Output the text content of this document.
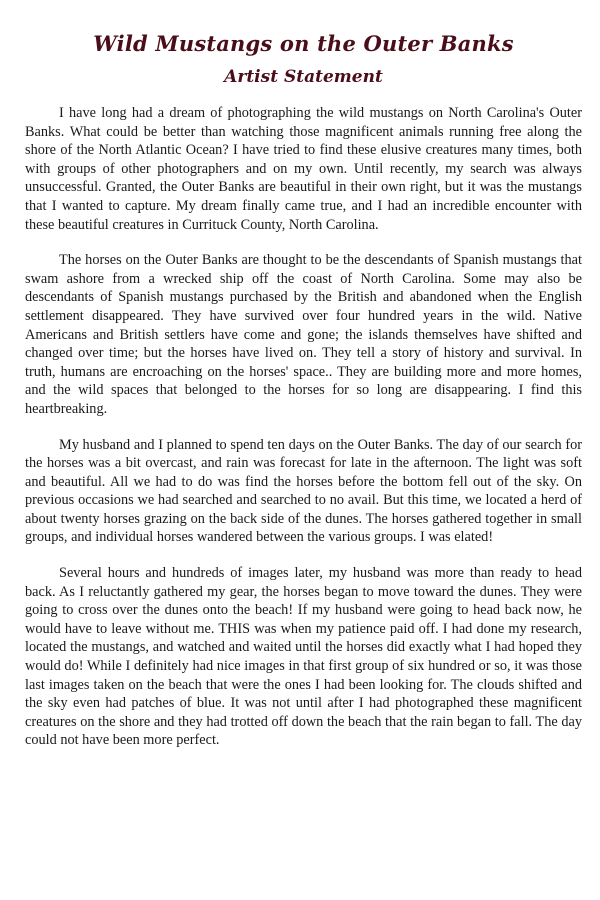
Wild Mustangs on the Outer Banks
Artist Statement

I have long had a dream of photographing the wild mustangs on North Carolina's Outer Banks. What could be better than watching those magnificent animals running free along the shore of the North Atlantic Ocean? I have tried to find these elusive creatures many times, both with groups of other photographers and on my own. Until recently, my search was always unsuccessful. Granted, the Outer Banks are beautiful in their own right, but it was the mustangs that I wanted to capture. My dream finally came true, and I had an incredible encounter with these beautiful creatures in Currituck County, North Carolina.

The horses on the Outer Banks are thought to be the descendants of Spanish mustangs that swam ashore from a wrecked ship off the coast of North Carolina. Some may also be descendants of Spanish mustangs purchased by the British and abandoned when the English settlement disappeared. They have survived over four hundred years in the wild. Native Americans and British settlers have come and gone; the islands themselves have shifted and changed over time; but the horses have lived on. They tell a story of history and survival. In truth, humans are encroaching on the horses' space.. They are building more and more homes, and the wild spaces that belonged to the horses for so long are disappearing. I find this heartbreaking.

My husband and I planned to spend ten days on the Outer Banks. The day of our search for the horses was a bit overcast, and rain was forecast for late in the afternoon. The light was soft and beautiful. All we had to do was find the horses before the bottom fell out of the sky. On previous occasions we had searched and searched to no avail. But this time, we located a herd of about twenty horses grazing on the back side of the dunes. The horses gathered together in small groups, and individual horses wandered between the various groups. I was elated!

Several hours and hundreds of images later, my husband was more than ready to head back. As I reluctantly gathered my gear, the horses began to move toward the dunes. They were going to cross over the dunes onto the beach! If my husband were going to head back now, he would have to leave without me. THIS was when my patience paid off. I had done my research, located the mustangs, and watched and waited until the horses did exactly what I had hoped they would do! While I definitely had nice images in that first group of six hundred or so, it was those last images taken on the beach that were the ones I had been looking for. The clouds shifted and the sky even had patches of blue. It was not until after I had photographed these magnificent creatures on the shore and they had trotted off down the beach that the rain began to fall. The day could not have been more perfect.
